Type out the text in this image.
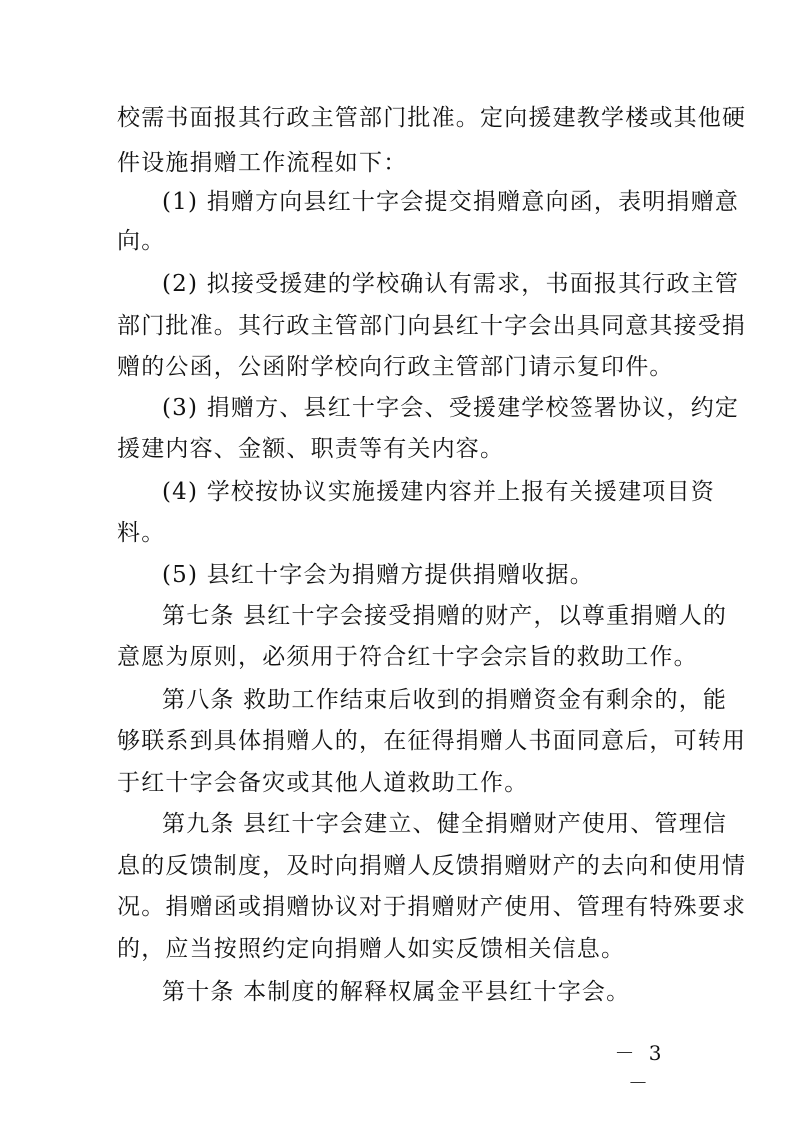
校需书面报其行政主管部门批准。定向援建教学楼或其他硬
件设施捐赠工作流程如下：
(1) 捐赠方向县红十字会提交捐赠意向函，表明捐赠意
向。
(2) 拟接受援建的学校确认有需求，书面报其行政主管
部门批准。其行政主管部门向县红十字会出具同意其接受捐
赠的公函，公函附学校向行政主管部门请示复印件。
(3) 捐赠方、县红十字会、受援建学校签署协议，约定
援建内容、金额、职责等有关内容。
(4) 学校按协议实施援建内容并上报有关援建项目资
料。
(5) 县红十字会为捐赠方提供捐赠收据。
第七条 县红十字会接受捐赠的财产，以尊重捐赠人的
意愿为原则，必须用于符合红十字会宗旨的救助工作。
第八条 救助工作结束后收到的捐赠资金有剩余的，能
够联系到具体捐赠人的，在征得捐赠人书面同意后，可转用
于红十字会备灾或其他人道救助工作。
第九条 县红十字会建立、健全捐赠财产使用、管理信
息的反馈制度，及时向捐赠人反馈捐赠财产的去向和使用情
况。捐赠函或捐赠协议对于捐赠财产使用、管理有特殊要求
的，应当按照约定向捐赠人如实反馈相关信息。
第十条 本制度的解释权属金平县红十字会。
－ 3 －
